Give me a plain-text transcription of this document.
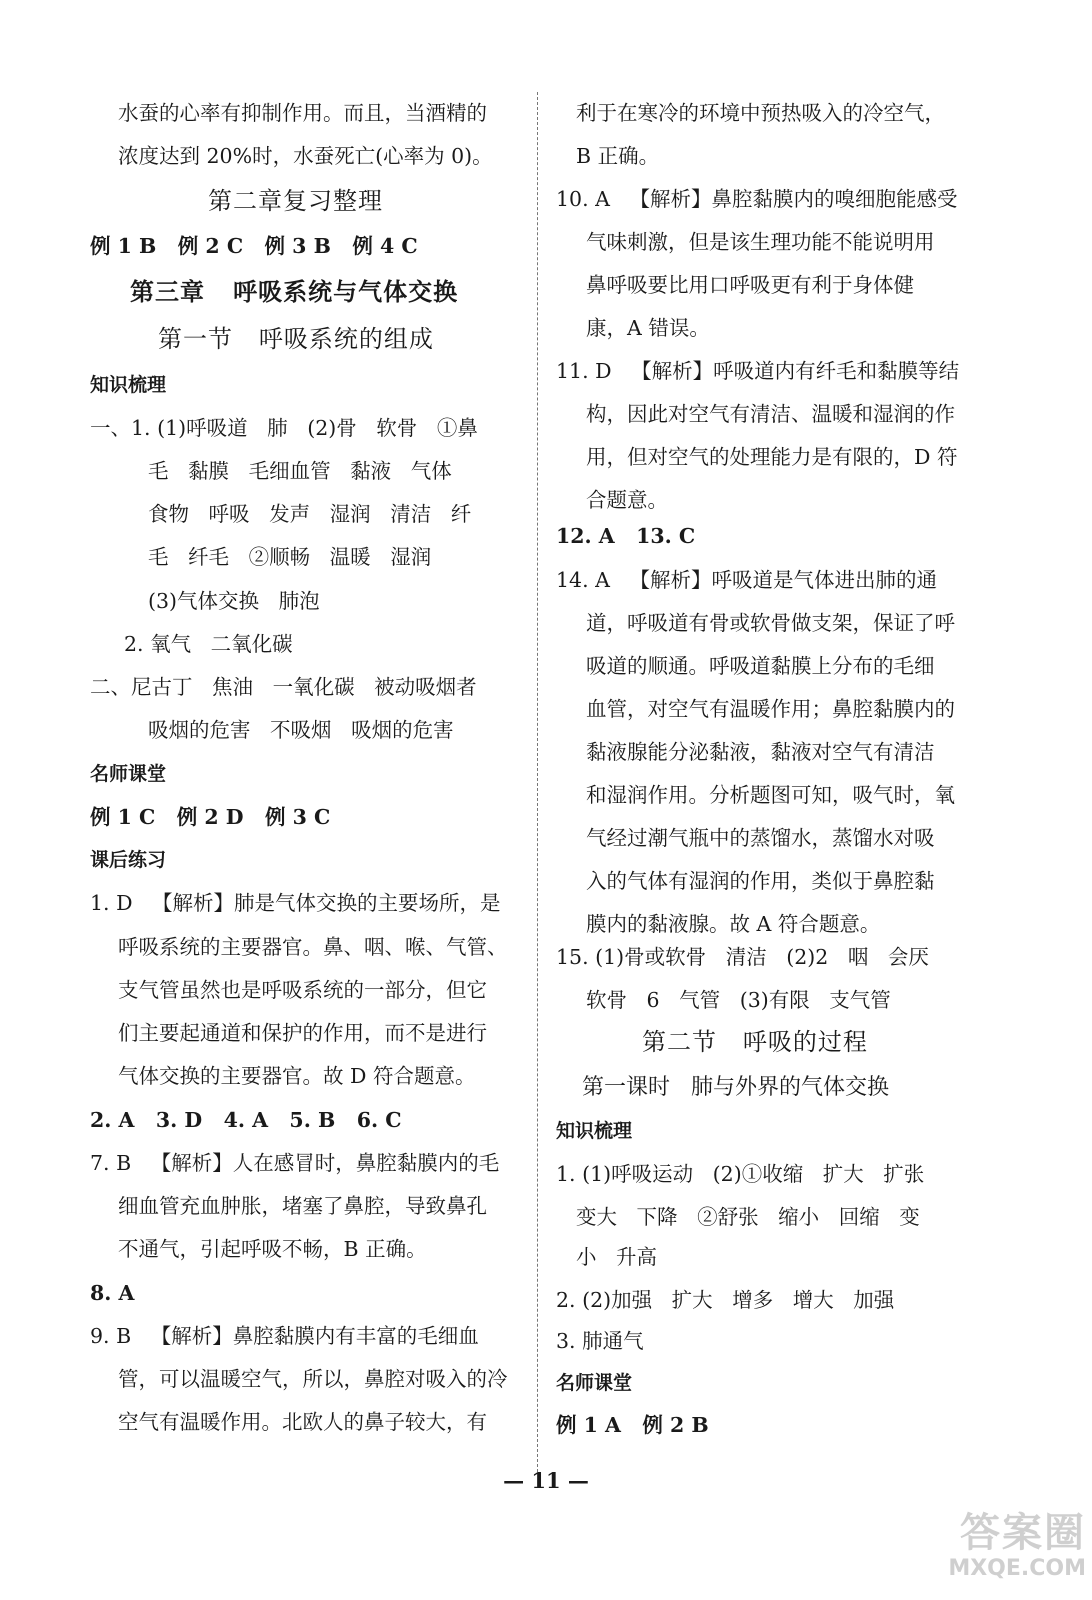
水蚕的心率有抑制作用。而且，当酒精的
浓度达到 20%时，水蚕死亡(心率为 0)。
第二章复习整理
例 1 B   例 2 C   例 3 B   例 4 C
第三章   呼吸系统与气体交换
第一节   呼吸系统的组成
知识梳理
一、1. (1)呼吸道   肺   (2)骨   软骨   ①鼻
毛   黏膜   毛细血管   黏液   气体
食物   呼吸   发声   湿润   清洁   纤
毛   纤毛   ②顺畅   温暖   湿润
(3)气体交换   肺泡
2. 氧气   二氧化碳
二、尼古丁   焦油   一氧化碳   被动吸烟者
吸烟的危害   不吸烟   吸烟的危害
名师课堂
例 1 C   例 2 D   例 3 C
课后练习
1. D   【解析】肺是气体交换的主要场所，是
呼吸系统的主要器官。鼻、咽、喉、气管、
支气管虽然也是呼吸系统的一部分，但它
们主要起通道和保护的作用，而不是进行
气体交换的主要器官。故 D 符合题意。
2. A   3. D   4. A   5. B   6. C
7. B   【解析】人在感冒时，鼻腔黏膜内的毛
细血管充血肿胀，堵塞了鼻腔，导致鼻孔
不通气，引起呼吸不畅，B 正确。
8. A
9. B   【解析】鼻腔黏膜内有丰富的毛细血
管，可以温暖空气，所以，鼻腔对吸入的冷
空气有温暖作用。北欧人的鼻子较大，有
利于在寒冷的环境中预热吸入的冷空气，
B 正确。
10. A   【解析】鼻腔黏膜内的嗅细胞能感受
气味刺激，但是该生理功能不能说明用
鼻呼吸要比用口呼吸更有利于身体健
康，A 错误。
11. D   【解析】呼吸道内有纤毛和黏膜等结
构，因此对空气有清洁、温暖和湿润的作
用，但对空气的处理能力是有限的，D 符
合题意。
12. A   13. C
14. A   【解析】呼吸道是气体进出肺的通
道，呼吸道有骨或软骨做支架，保证了呼
吸道的顺通。呼吸道黏膜上分布的毛细
血管，对空气有温暖作用；鼻腔黏膜内的
黏液腺能分泌黏液，黏液对空气有清洁
和湿润作用。分析题图可知，吸气时，氧
气经过潮气瓶中的蒸馏水，蒸馏水对吸
入的气体有湿润的作用，类似于鼻腔黏
膜内的黏液腺。故 A 符合题意。
15. (1)骨或软骨   清洁   (2)2   咽   会厌
软骨   6   气管   (3)有限   支气管
第二节   呼吸的过程
第一课时   肺与外界的气体交换
知识梳理
1. (1)呼吸运动   (2)①收缩   扩大   扩张
变大   下降   ②舒张   缩小   回缩   变
小   升高
2. (2)加强   扩大   增多   增大   加强
3. 肺通气
名师课堂
例 1 A   例 2 B
— 11 —
答案圈
MXQE.COM
